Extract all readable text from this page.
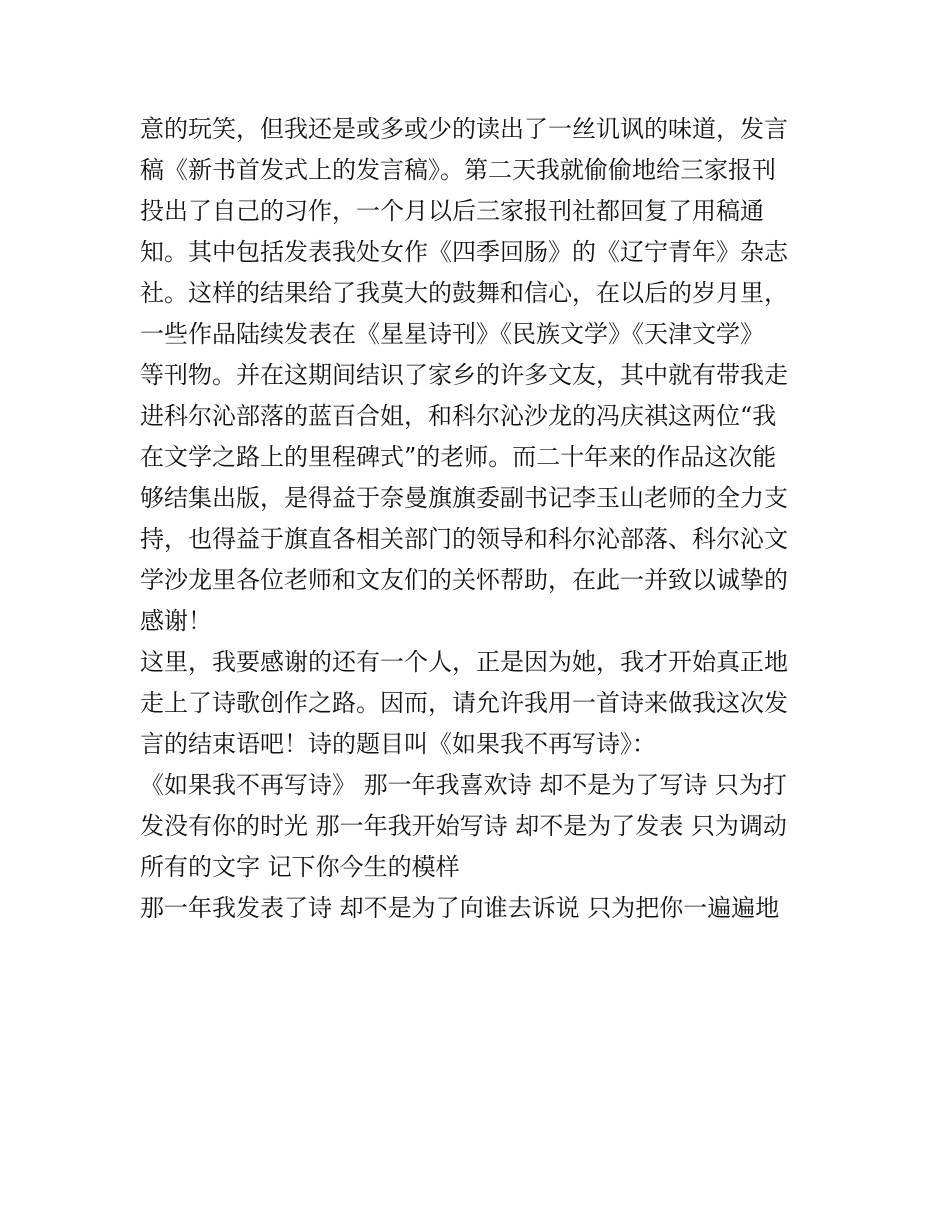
意的玩笑，但我还是或多或少的读出了一丝讥讽的味道，发言
稿《新书首发式上的发言稿》。第二天我就偷偷地给三家报刊
投出了自己的习作，一个月以后三家报刊社都回复了用稿通
知。其中包括发表我处女作《四季回肠》的《辽宁青年》杂志
社。这样的结果给了我莫大的鼓舞和信心，在以后的岁月里，
一些作品陆续发表在《星星诗刊》《民族文学》《天津文学》
等刊物。并在这期间结识了家乡的许多文友，其中就有带我走
进科尔沁部落的蓝百合姐，和科尔沁沙龙的冯庆祺这两位“我
在文学之路上的里程碑式”的老师。而二十年来的作品这次能
够结集出版，是得益于奈曼旗旗委副书记李玉山老师的全力支
持，也得益于旗直各相关部门的领导和科尔沁部落、科尔沁文
学沙龙里各位老师和文友们的关怀帮助，在此一并致以诚挚的
感谢！
这里，我要感谢的还有一个人，正是因为她，我才开始真正地
走上了诗歌创作之路。因而，请允许我用一首诗来做我这次发
言的结束语吧！诗的题目叫《如果我不再写诗》：
《如果我不再写诗》 那一年我喜欢诗 却不是为了写诗 只为打
发没有你的时光 那一年我开始写诗 却不是为了发表 只为调动
所有的文字 记下你今生的模样
那一年我发表了诗 却不是为了向谁去诉说 只为把你一遍遍地
